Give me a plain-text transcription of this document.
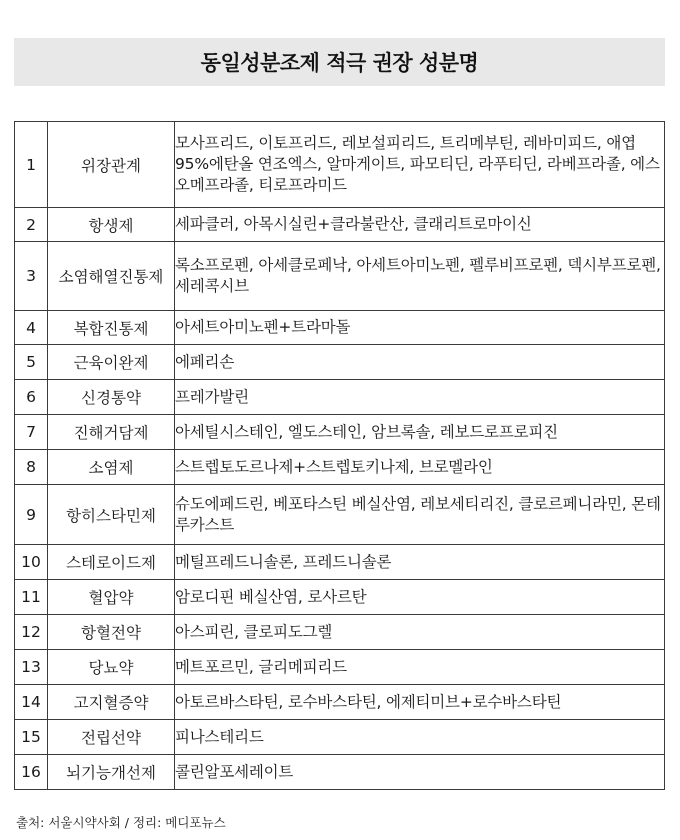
동일성분조제 적극 권장 성분명
1	위장관계	모사프리드, 이토프리드, 레보설피리드, 트리메부틴, 레바미피드, 애엽 95%에탄올 연조엑스, 알마게이트, 파모티딘, 라푸티딘, 라베프라졸, 에스오메프라졸, 티로프라미드
2	항생제	세파클러, 아목시실린+클라불란산, 클래리트로마이신
3	소염해열진통제	록소프로펜, 아세클로페낙, 아세트아미노펜, 펠루비프로펜, 덱시부프로펜, 세레콕시브
4	복합진통제	아세트아미노펜+트라마돌
5	근육이완제	에페리손
6	신경통약	프레가발린
7	진해거담제	아세틸시스테인, 엘도스테인, 암브록솔, 레보드로프로피진
8	소염제	스트렙토도르나제+스트렙토키나제, 브로멜라인
9	항히스타민제	슈도에페드린, 베포타스틴 베실산염, 레보세티리진, 클로르페니라민, 몬테루카스트
10	스테로이드제	메틸프레드니솔론, 프레드니솔론
11	혈압약	암로디핀 베실산염, 로사르탄
12	항혈전약	아스피린, 클로피도그렐
13	당뇨약	메트포르민, 글리메피리드
14	고지혈증약	아토르바스타틴, 로수바스타틴, 에제티미브+로수바스타틴
15	전립선약	피나스테리드
16	뇌기능개선제	콜린알포세레이트
출처: 서울시약사회 / 정리: 메디포뉴스
